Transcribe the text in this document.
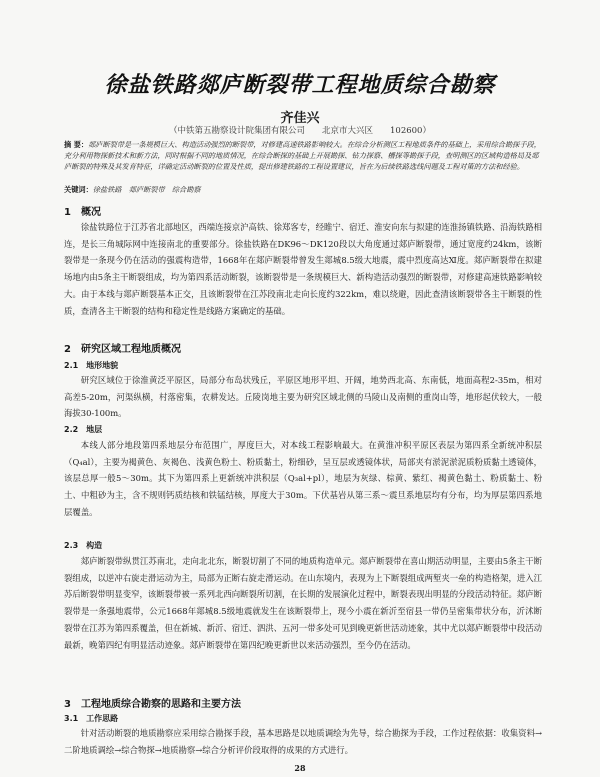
徐盐铁路郯庐断裂带工程地质综合勘察
齐佳兴
（中铁第五勘察设计院集团有限公司　　北京市大兴区　　102600）
摘 要：郯庐断裂带是一条规模巨大、构造活动强烈的断裂带，对修建高速铁路影响较大。在综合分析测区工程地质条件的基础上，采用综合勘探手段，充分利用物探新技术和新方法，同时根据不同的地质情况，在综合断探的基础上开展勘探、钻力探察、槽探等勘探手段，查明测区的区域构造格局及郯庐断裂的特殊及其发育特征，详确定活动断裂的位置及性质，提出修建铁路的工程设置建议，旨在为后续铁路选线问题及工程对策的方法和经验。
关键词：徐盐铁路　郯庐断裂带　综合勘察
1　概况
徐盐铁路位于江苏省北部地区，西端连接京沪高铁、徐郑客专，经睢宁、宿迁、淮安向东与拟建的连淮扬镇铁路、沿海铁路相连，是长三角城际网中连接南北的重要部分。徐盐铁路在DK96～DK120段以大角度通过郯庐断裂带，通过宽度约24km，该断裂带是一条现今仍在活动的强震构造带，1668年在郯庐断裂带曾发生郯城8.5级大地震，震中烈度高达Ⅺ度。郯庐断裂带在拟建场地内由5条主干断裂组成，均为第四系活动断裂，该断裂带是一条规模巨大、新构造活动强烈的断裂带，对修建高速铁路影响较大。由于本线与郯庐断裂基本正交，且该断裂带在江苏段南北走向长度约322km，难以绕避，因此查清该断裂带各主干断裂的性质，查清各主干断裂的结构和稳定性是线路方案确定的基础。
2　研究区域工程地质概况
2.1　地形地貌
研究区域位于徐淮黄泛平原区，局部分布岛状残丘，平原区地形平坦、开阔，地势西北高、东南低，地面高程2-35m，相对高差5-20m，河渠纵横，村落密集，农耕发达。丘陵岗地主要为研究区域北侧的马陵山及南侧的重岗山等，地形起伏较大，一般海拔30-100m。
2.2　地层
本线人部分地段第四系地层分布范围广，厚度巨大，对本线工程影响最大。在黄淮冲积平原区表层为第四系全新统冲积层（Q₄al），主要为褐黄色、灰褐色、浅黄色粉土、粉质黏土，粉细砂，呈互层或透镜体状，局部夹有淤泥淤泥质粉质黏土透镜体，该层总厚一般5～30m。其下为第四系上更新统冲洪积层（Q₃al+pl），地层为灰绿、棕黄、紫红、褐黄色黏土、粉质黏土、粉土、中粗砂为主，含不规则钙质结核和铁锰结核，厚度大于30m。下伏基岩从第三系～震旦系地层均有分布，均为厚层第四系地层覆盖。
2.3　构造
郯庐断裂带纵贯江苏南北，走向北北东，断裂切割了不同的地质构造单元。郯庐断裂带在喜山期活动明显，主要由5条主干断裂组成，以逆冲右旋走滑运动为主，局部为正断右旋走滑运动。在山东境内，表现为上下断裂组成两堑夹一垒的构造格架，进入江苏后断裂带明显变窄，该断裂带被一系列北西向断裂所切割，在长期的发展演化过程中，断裂表现出明显的分段活动特征。郯庐断裂带是一条强地震带，公元1668年郯城8.5级地震就发生在该断裂带上，现今小震在新沂至宿县一带仍呈密集带状分布，沂沭断裂带在江苏为第四系覆盖，但在新城、新沂、宿迁、泗洪、五河一带多处可见到晚更新世活动迹象，其中尤以郯庐断裂带中段活动最新，晚第四纪有明显活动迹象。郯庐断裂带在第四纪晚更新世以来活动强烈，至今仍在活动。
3　工程地质综合勘察的思路和主要方法
3.1　工作思路
针对活动断裂的地质勘察应采用综合勘探手段，基本思路是以地质调绘为先导，综合勘探为手段，工作过程依据：收集资料→二阶地质调绘→综合物探→地质勘察→综合分析评价段取得的成果的方式进行。
28
